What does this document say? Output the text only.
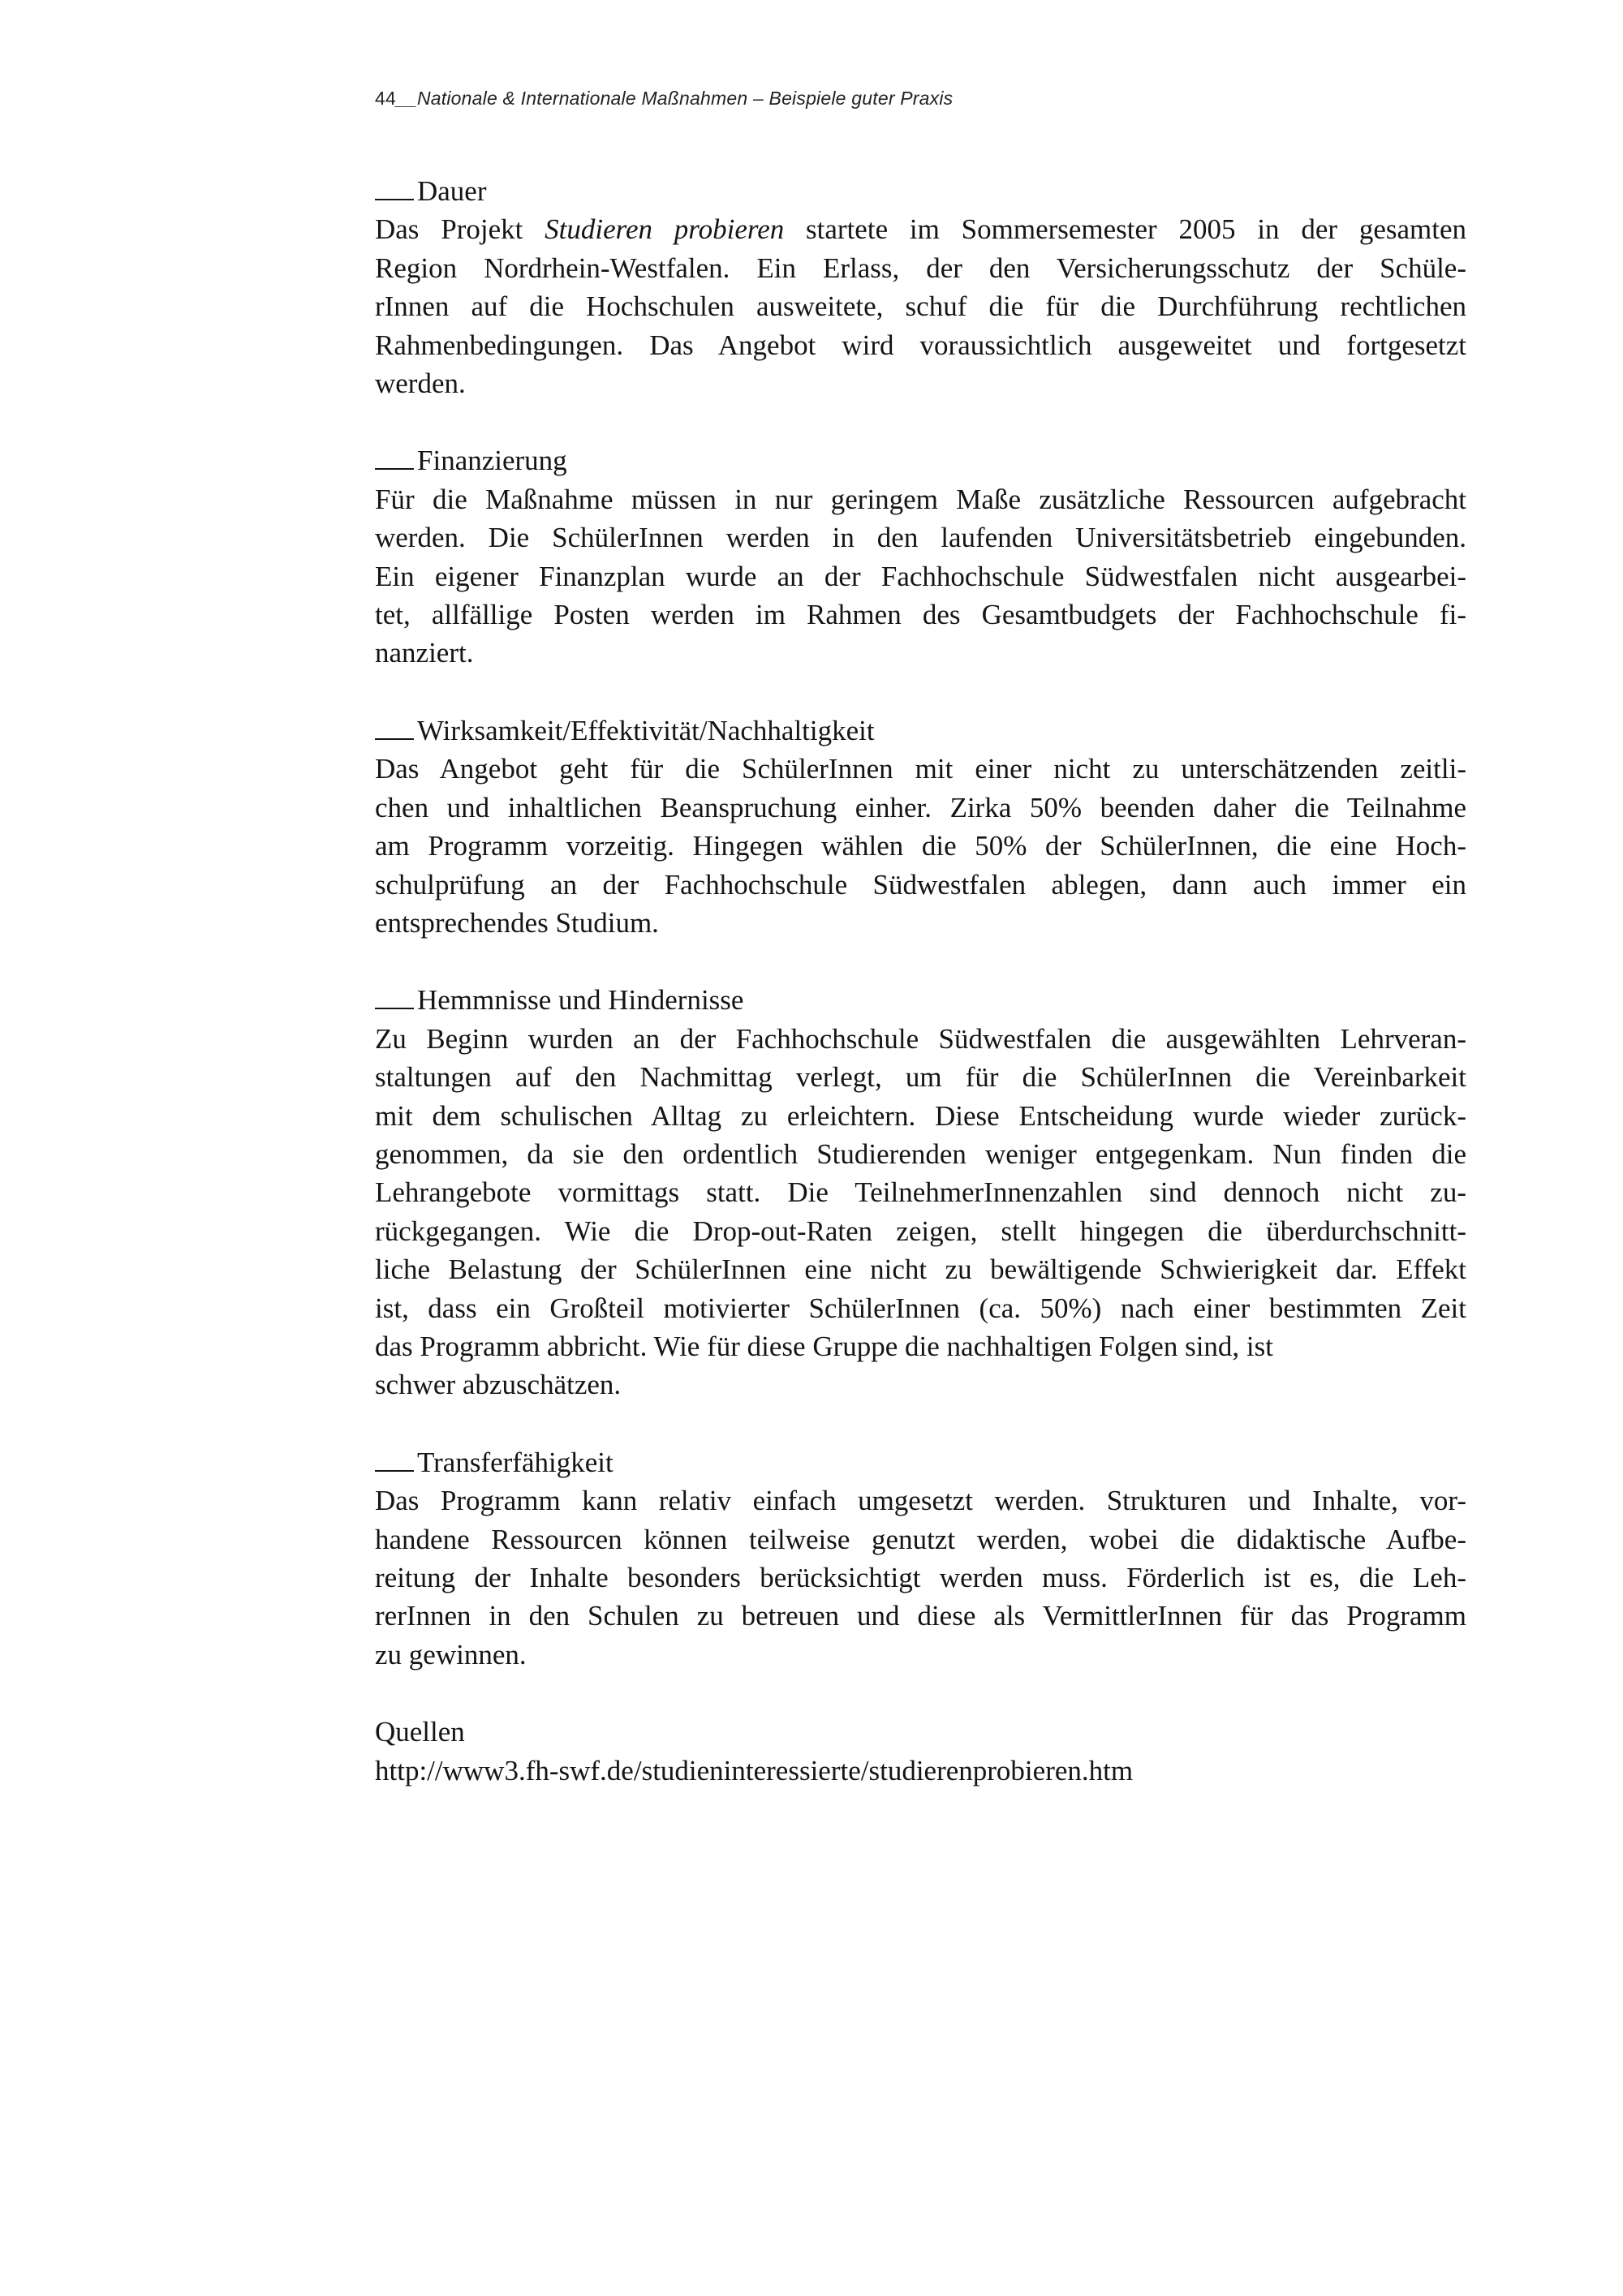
44__Nationale & Internationale Maßnahmen – Beispiele guter Praxis

Dauer

Das Projekt Studieren probieren startete im Sommersemester 2005 in der gesamten
Region Nordrhein-Westfalen. Ein Erlass, der den Versicherungsschutz der Schüle-
rInnen auf die Hochschulen ausweitete, schuf die für die Durchführung rechtlichen
Rahmenbedingungen. Das Angebot wird voraussichtlich ausgeweitet und fortgesetzt
werden.

Finanzierung

Für die Maßnahme müssen in nur geringem Maße zusätzliche Ressourcen aufgebracht
werden. Die SchülerInnen werden in den laufenden Universitätsbetrieb eingebunden.
Ein eigener Finanzplan wurde an der Fachhochschule Südwestfalen nicht ausgearbei-
tet, allfällige Posten werden im Rahmen des Gesamtbudgets der Fachhochschule fi-
nanziert.

Wirksamkeit/Effektivität/Nachhaltigkeit

Das Angebot geht für die SchülerInnen mit einer nicht zu unterschätzenden zeitli-
chen und inhaltlichen Beanspruchung einher. Zirka 50% beenden daher die Teilnahme
am Programm vorzeitig. Hingegen wählen die 50% der SchülerInnen, die eine Hoch-
schulprüfung an der Fachhochschule Südwestfalen ablegen, dann auch immer ein
entsprechendes Studium.

Hemmnisse und Hindernisse

Zu Beginn wurden an der Fachhochschule Südwestfalen die ausgewählten Lehrveran-
staltungen auf den Nachmittag verlegt, um für die SchülerInnen die Vereinbarkeit
mit dem schulischen Alltag zu erleichtern. Diese Entscheidung wurde wieder zurück-
genommen, da sie den ordentlich Studierenden weniger entgegenkam. Nun finden die
Lehrangebote vormittags statt. Die TeilnehmerInnenzahlen sind dennoch nicht zu-
rückgegangen. Wie die Drop-out-Raten zeigen, stellt hingegen die überdurchschnitt-
liche Belastung der SchülerInnen eine nicht zu bewältigende Schwierigkeit dar. Effekt
ist, dass ein Großteil motivierter SchülerInnen (ca. 50%) nach einer bestimmten Zeit
das Programm abbricht. Wie für diese Gruppe die nachhaltigen Folgen sind, ist
schwer abzuschätzen.

Transferfähigkeit

Das Programm kann relativ einfach umgesetzt werden. Strukturen und Inhalte, vor-
handene Ressourcen können teilweise genutzt werden, wobei die didaktische Aufbe-
reitung der Inhalte besonders berücksichtigt werden muss. Förderlich ist es, die Leh-
rerInnen in den Schulen zu betreuen und diese als VermittlerInnen für das Programm
zu gewinnen.

Quellen
http://www3.fh-swf.de/studieninteressierte/studierenprobieren.htm
